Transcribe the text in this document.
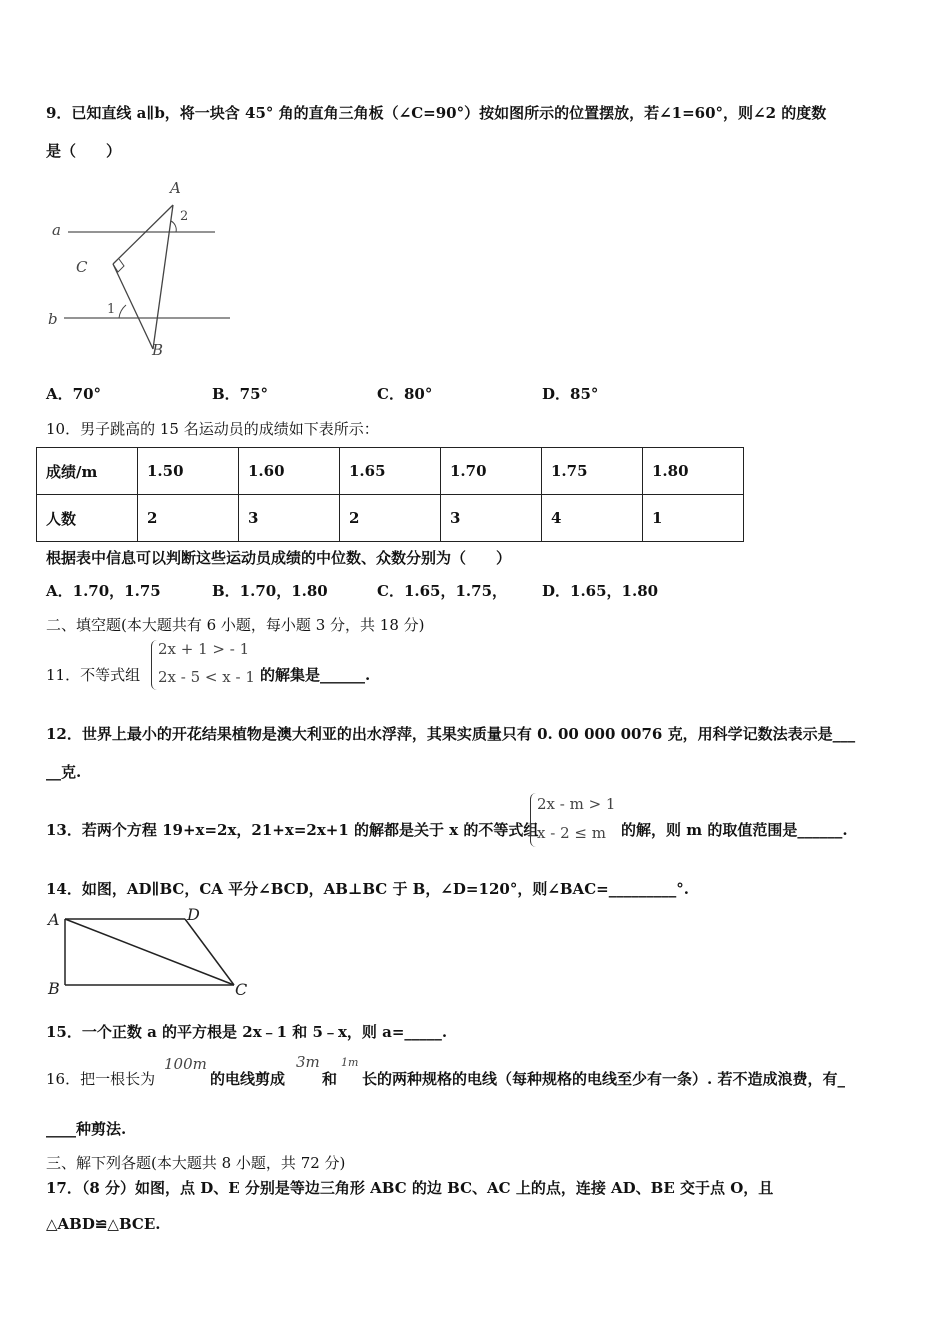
9．已知直线 a∥b，将一块含 45° 角的直角三角板（∠C=90°）按如图所示的位置摆放，若∠1=60°，则∠2 的度数
是（　　）
a
b
A
B
C
1
2
A．70°	B．75°	C．80°	D．85°
10．男子跳高的 15 名运动员的成绩如下表所示：
成绩/m	1.50	1.60	1.65	1.70	1.75	1.80
人数	2	3	2	3	4	1
根据表中信息可以判断这些运动员成绩的中位数、众数分别为（　　）
A．1.70，1.75	B．1.70，1.80	C．1.65，1.75， D．1.65，1.80
二、填空题(本大题共有 6 小题，每小题 3 分，共 18 分)
11．不等式组
2x + 1 > - 1
2x - 5 < x - 1 的解集是______.
12．世界上最小的开花结果植物是澳大利亚的出水浮萍，其果实质量只有 0. 00 000 0076 克，用科学记数法表示是___
__克.
13．若两个方程 19+x=2x，21+x=2x+1 的解都是关于 x 的不等式组
2x - m > 1
x - 2 ≤ m 的解，则 m 的取值范围是______.
14．如图，AD∥BC，CA 平分∠BCD，AB⊥BC 于 B，∠D=120°，则∠BAC=_________°.
A
B	C
D
15．一个正数 a 的平方根是 2x﹣1 和 5﹣x，则 a=_____.
16．把一根长为
100m
的电线剪成
3m
和
1m
长的两种规格的电线（每种规格的电线至少有一条）. 若不造成浪费，有_
____种剪法.
三、解下列各题(本大题共 8 小题，共 72 分)
17．（8 分）如图，点 D、E 分别是等边三角形 ABC 的边 BC、AC 上的点，连接 AD、BE 交于点 O，且
△ABD≌△BCE.
